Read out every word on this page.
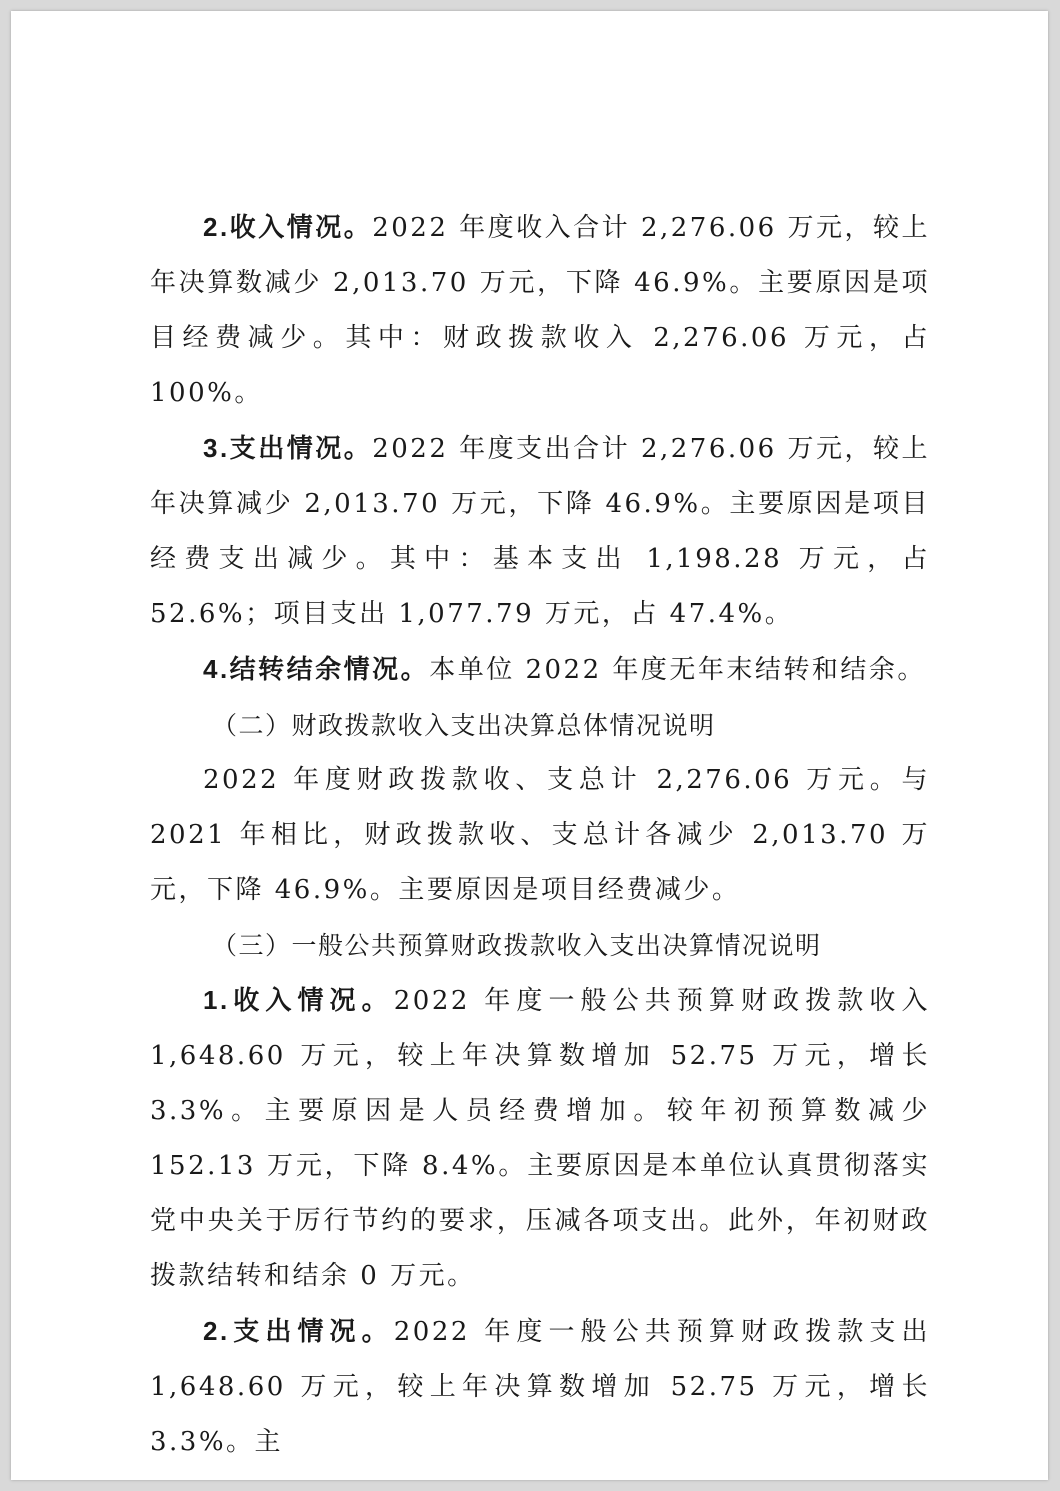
2.收入情况。2022 年度收入合计 2,276.06 万元，较上年决算数减少 2,013.70 万元，下降 46.9%。主要原因是项目经费减少。其中：财政拨款收入 2,276.06 万元，占 100%。

3.支出情况。2022 年度支出合计 2,276.06 万元，较上年决算减少 2,013.70 万元，下降 46.9%。主要原因是项目经费支出减少。其中：基本支出 1,198.28 万元，占 52.6%；项目支出 1,077.79 万元，占 47.4%。

4.结转结余情况。本单位 2022 年度无年末结转和结余。

（二）财政拨款收入支出决算总体情况说明

2022 年度财政拨款收、支总计 2,276.06 万元。与 2021 年相比，财政拨款收、支总计各减少 2,013.70 万元，下降 46.9%。主要原因是项目经费减少。

（三）一般公共预算财政拨款收入支出决算情况说明

1.收入情况。2022 年度一般公共预算财政拨款收入 1,648.60 万元，较上年决算数增加 52.75 万元，增长 3.3%。主要原因是人员经费增加。较年初预算数减少 152.13 万元，下降 8.4%。主要原因是本单位认真贯彻落实党中央关于厉行节约的要求，压减各项支出。此外，年初财政拨款结转和结余 0 万元。

2.支出情况。2022 年度一般公共预算财政拨款支出 1,648.60 万元，较上年决算数增加 52.75 万元，增长 3.3%。主
